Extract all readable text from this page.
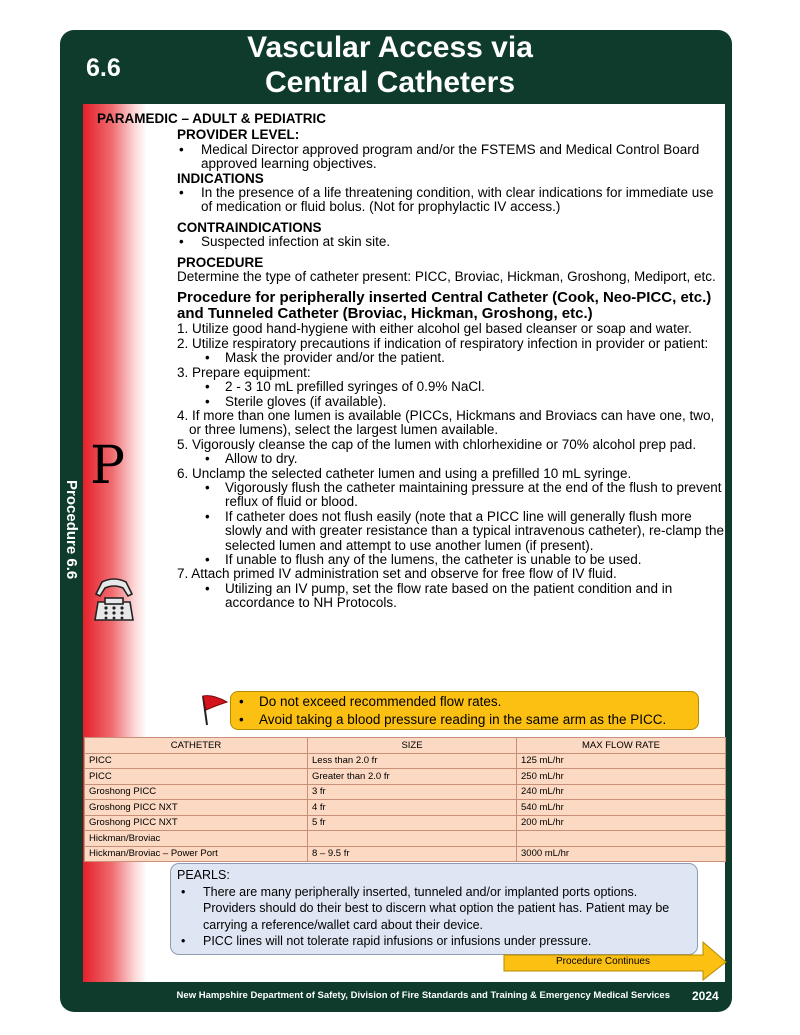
6.6
Vascular Access via
Central Catheters
Procedure 6.6
P
PARAMEDIC – ADULT & PEDIATRIC
PROVIDER LEVEL:
• Medical Director approved program and/or the FSTEMS and Medical Control Board approved learning objectives.
INDICATIONS
• In the presence of a life threatening condition, with clear indications for immediate use of medication or fluid bolus. (Not for prophylactic IV access.)
CONTRAINDICATIONS
• Suspected infection at skin site.
PROCEDURE
Determine the type of catheter present: PICC, Broviac, Hickman, Groshong, Mediport, etc.
Procedure for peripherally inserted Central Catheter (Cook, Neo-PICC, etc.) and Tunneled Catheter (Broviac, Hickman, Groshong, etc.)
1. Utilize good hand-hygiene with either alcohol gel based cleanser or soap and water.
2. Utilize respiratory precautions if indication of respiratory infection in provider or patient:
• Mask the provider and/or the patient.
3. Prepare equipment:
• 2 - 3 10 mL prefilled syringes of 0.9% NaCl.
• Sterile gloves (if available).
4. If more than one lumen is available (PICCs, Hickmans and Broviacs can have one, two, or three lumens), select the largest lumen available.
5. Vigorously cleanse the cap of the lumen with chlorhexidine or 70% alcohol prep pad.
• Allow to dry.
6. Unclamp the selected catheter lumen and using a prefilled 10 mL syringe.
• Vigorously flush the catheter maintaining pressure at the end of the flush to prevent reflux of fluid or blood.
• If catheter does not flush easily (note that a PICC line will generally flush more slowly and with greater resistance than a typical intravenous catheter), re-clamp the selected lumen and attempt to use another lumen (if present).
• If unable to flush any of the lumens, the catheter is unable to be used.
7. Attach primed IV administration set and observe for free flow of IV fluid.
• Utilizing an IV pump, set the flow rate based on the patient condition and in accordance to NH Protocols.
• Do not exceed recommended flow rates.
• Avoid taking a blood pressure reading in the same arm as the PICC.
CATHETER	SIZE	MAX FLOW RATE
PICC	Less than 2.0 fr	125 mL/hr
PICC	Greater than 2.0 fr	250 mL/hr
Groshong PICC	3 fr	240 mL/hr
Groshong PICC NXT	4 fr	540 mL/hr
Groshong PICC NXT	5 fr	200 mL/hr
Hickman/Broviac		
Hickman/Broviac – Power Port	8 – 9.5 fr	3000 mL/hr
PEARLS:
• There are many peripherally inserted, tunneled and/or implanted ports options. Providers should do their best to discern what option the patient has. Patient may be carrying a reference/wallet card about their device.
• PICC lines will not tolerate rapid infusions or infusions under pressure.
Procedure Continues
New Hampshire Department of Safety, Division of Fire Standards and Training & Emergency Medical Services 2024
